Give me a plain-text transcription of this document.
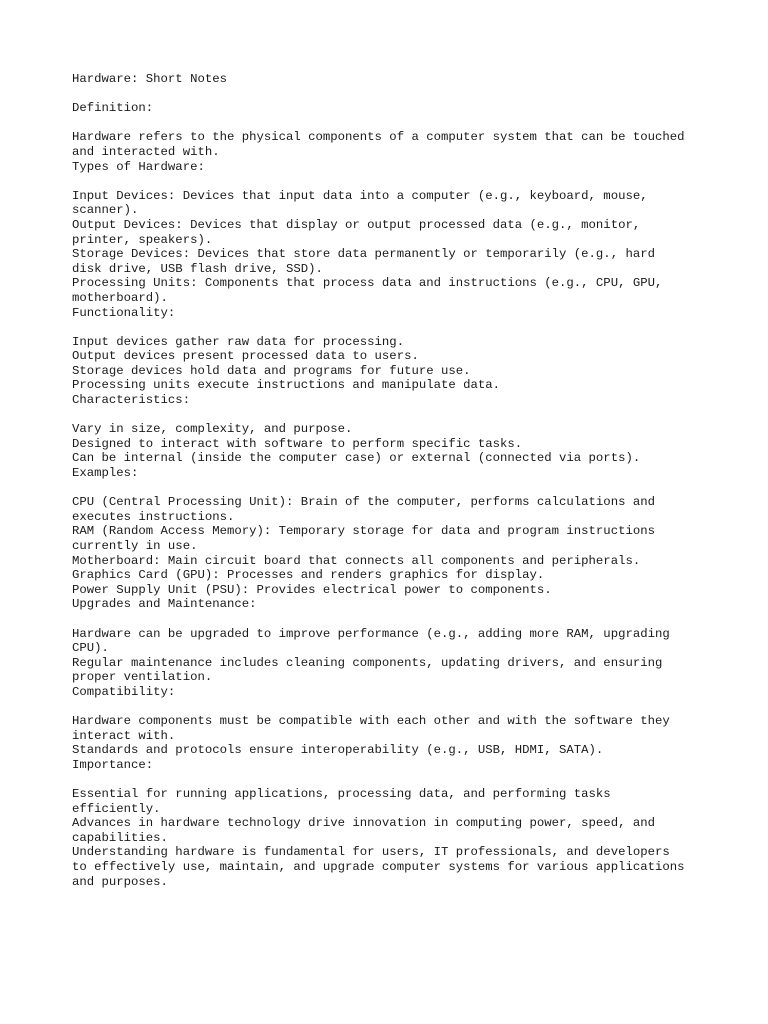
Hardware: Short Notes
Definition:
Hardware refers to the physical components of a computer system that can be touched
and interacted with.
Types of Hardware:
Input Devices: Devices that input data into a computer (e.g., keyboard, mouse,
scanner).
Output Devices: Devices that display or output processed data (e.g., monitor,
printer, speakers).
Storage Devices: Devices that store data permanently or temporarily (e.g., hard
disk drive, USB flash drive, SSD).
Processing Units: Components that process data and instructions (e.g., CPU, GPU,
motherboard).
Functionality:
Input devices gather raw data for processing.
Output devices present processed data to users.
Storage devices hold data and programs for future use.
Processing units execute instructions and manipulate data.
Characteristics:
Vary in size, complexity, and purpose.
Designed to interact with software to perform specific tasks.
Can be internal (inside the computer case) or external (connected via ports).
Examples:
CPU (Central Processing Unit): Brain of the computer, performs calculations and
executes instructions.
RAM (Random Access Memory): Temporary storage for data and program instructions
currently in use.
Motherboard: Main circuit board that connects all components and peripherals.
Graphics Card (GPU): Processes and renders graphics for display.
Power Supply Unit (PSU): Provides electrical power to components.
Upgrades and Maintenance:
Hardware can be upgraded to improve performance (e.g., adding more RAM, upgrading
CPU).
Regular maintenance includes cleaning components, updating drivers, and ensuring
proper ventilation.
Compatibility:
Hardware components must be compatible with each other and with the software they
interact with.
Standards and protocols ensure interoperability (e.g., USB, HDMI, SATA).
Importance:
Essential for running applications, processing data, and performing tasks
efficiently.
Advances in hardware technology drive innovation in computing power, speed, and
capabilities.
Understanding hardware is fundamental for users, IT professionals, and developers
to effectively use, maintain, and upgrade computer systems for various applications
and purposes.
